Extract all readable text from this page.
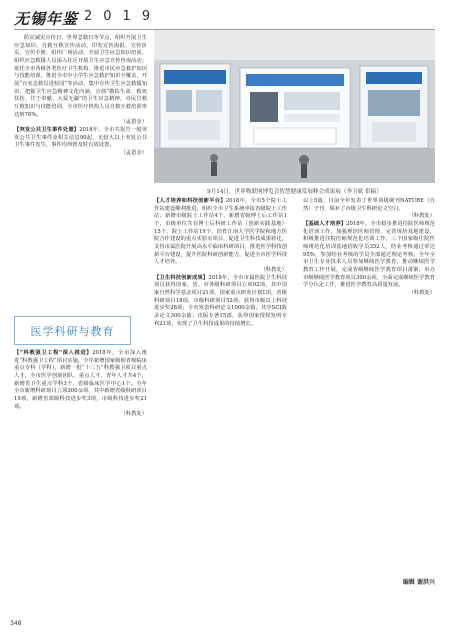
无锡年鉴 2019

防灾减灾宣传日、世界急救日等节点，组织开展卫生应急知识、自救互救宣传活动，印发宣传海报、宣传折页，宣传手册，组织广场活动，开展卫生应急知识培训，组织应急救援人员深入社区开展卫生应急宣传咨询活动；依托全市各级各类医疗卫生机构，推进市民应急救护知识与技能培训，推进全市中小学生应急救护知识全覆盖，开展“百名急救员进校园”等活动，集中宣传卫生应急救援知识，把握卫生应急精神文化内涵，宣扬“敬佑生命、救死扶伤、甘于奉献、大爱无疆”的卫生应急精神，市民自救互救知识与技能培训，全市医疗机构人员自救互救培训率达到76%。

（孟恩金）

【突发公共卫生事件处置】2018年，全市共报告一般突发公共卫生事件及相关信息90起，无较大以上突发公共卫生事件发生，事件均得到及时有效处置。

（孟恩金）

医学科研与教育

【“科教强卫工程”深入推进】2018年，全市深入推进“科教强卫工程”项目实施，全年新增国家级和省级临床重点专科（学科），新增一批“十三五”科教强卫项目重点人才，全市医学创新团队、重点人才、青年人才共4个，新增省卫生重点学科3个，省级临床医学中心1个。全年全市新增科研项目立项300余项，其中新增省级科研项目19项，新增省部级科技进步奖3项，市级科技进步奖21项。

（科教处）

9月14日，世界物联网博览会智慧健康发展峰会成果展（李卫斌 供稿）

【人才培养和科技创新平台】2018年，全市5个院士工作站建设顺利推进，组织全市卫生系统申报省级院士工作站；新增市级院士工作站4个，新增省级博士后工作站1个，市级单位共有博士后科研工作站（创新实践基地）15个，院士工作站19个，培育江南大学医学院和地方医院合作建设的重点实验室项目，促进卫生科技成果转化，支持市属医院开展高水平临床科研项目，推进医学科技创新平台建设，提升医院科研创新能力，促进全市医学科技人才培养。

（科教处）

【卫生科技创新成果】2018年，全市市属医院卫生科技项目获得国家、省、市各级科研项目立项92项，其中国家自然科学基金项目21项，国家重点研发计划1项，省级科研项目18项，市级科研项目52项；获得市级以上科技进步奖28项；全市发表科研论文1000余篇，其中SCI收录论文300余篇；出版专著15部，获得国家授权发明专利21项，实现了卫生科技成果的持续增长。

以上5篇，目前全年发表了世界顶级期刊NATURE（自然）子刊，填补了市级卫生科研论文空白。

（科教处）

【基础人才培养】2018年，全市稳步推进住院医师规范化培训工作，加强规培医师管理，完善规培基地建设，积极推进住院医师规范化培训工作，三个国家级住院医师规范化培训基地招收学员352人，结业考核通过率达95%，参加结业考核的学员全部通过理论考核。全年全市卫生专业技术人员参加继续医学教育，推动继续医学教育工作开展，完成省级继续医学教育项目备案，举办市级继续医学教育项目300余项，全面完成继续医学教育学分认定工作，推进医学教育高质量发展。

（科教处）

编辑 谢洪兴
348
